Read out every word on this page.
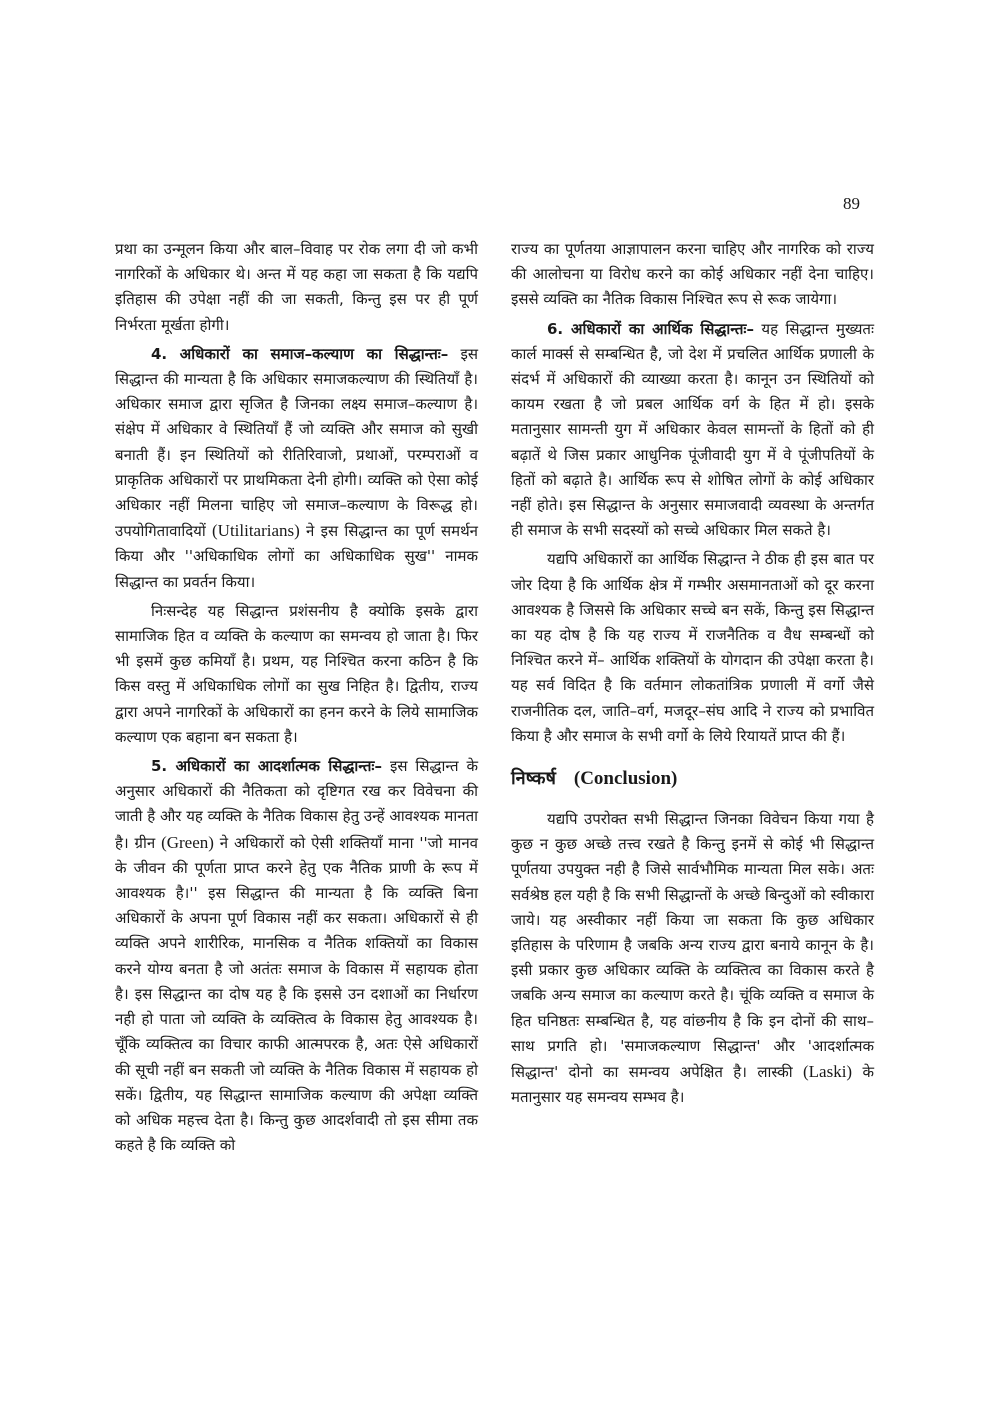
89

प्रथा का उन्मूलन किया और बाल–विवाह पर रोक लगा दी जो कभी नागरिकों के अधिकार थे। अन्त में यह कहा जा सकता है कि यद्यपि इतिहास की उपेक्षा नहीं की जा सकती, किन्तु इस पर ही पूर्ण निर्भरता मूर्खता होगी।

4. अधिकारों का समाज–कल्याण का सिद्धान्तः– इस सिद्धान्त की मान्यता है कि अधिकार समाजकल्याण की स्थितियाँ है। अधिकार समाज द्वारा सृजित है जिनका लक्ष्य समाज–कल्याण है। संक्षेप में अधिकार वे स्थितियाँ हैं जो व्यक्ति और समाज को सुखी बनाती हैं। इन स्थितियों को रीतिरिवाजो, प्रथाओं, परम्पराओं व प्राकृतिक अधिकारों पर प्राथमिकता देनी होगी। व्यक्ति को ऐसा कोई अधिकार नहीं मिलना चाहिए जो समाज–कल्याण के विरूद्ध हो। उपयोगितावादियों (Utilitarians) ने इस सिद्धान्त का पूर्ण समर्थन किया और ''अधिकाधिक लोगों का अधिकाधिक सुख'' नामक सिद्धान्त का प्रवर्तन किया।

निःसन्देह यह सिद्धान्त प्रशंसनीय है क्योकि इसके द्वारा सामाजिक हित व व्यक्ति के कल्याण का समन्वय हो जाता है। फिर भी इसमें कुछ कमियाँ है। प्रथम, यह निश्चित करना कठिन है कि किस वस्तु में अधिकाधिक लोगों का सुख निहित है। द्वितीय, राज्य द्वारा अपने नागरिकों के अधिकारों का हनन करने के लिये सामाजिक कल्याण एक बहाना बन सकता है।

5. अधिकारों का आदर्शात्मक सिद्धान्तः– इस सिद्धान्त के अनुसार अधिकारों की नैतिकता को दृष्टिगत रख कर विवेचना की जाती है और यह व्यक्ति के नैतिक विकास हेतु उन्हें आवश्यक मानता है। ग्रीन (Green) ने अधिकारों को ऐसी शक्तियाँ माना ''जो मानव के जीवन की पूर्णता प्राप्त करने हेतु एक नैतिक प्राणी के रूप में आवश्यक है।'' इस सिद्धान्त की मान्यता है कि व्यक्ति बिना अधिकारों के अपना पूर्ण विकास नहीं कर सकता। अधिकारों से ही व्यक्ति अपने शारीरिक, मानसिक व नैतिक शक्तियों का विकास करने योग्य बनता है जो अतंतः समाज के विकास में सहायक होता है। इस सिद्धान्त का दोष यह है कि इससे उन दशाओं का निर्धारण नही हो पाता जो व्यक्ति के व्यक्तित्व के विकास हेतु आवश्यक है। चूँकि व्यक्तित्व का विचार काफी आत्मपरक है, अतः ऐसे अधिकारों की सूची नहीं बन सकती जो व्यक्ति के नैतिक विकास में सहायक हो सकें। द्वितीय, यह सिद्धान्त सामाजिक कल्याण की अपेक्षा व्यक्ति को अधिक महत्त्व देता है। किन्तु कुछ आदर्शवादी तो इस सीमा तक कहते है कि व्यक्ति को

राज्य का पूर्णतया आज्ञापालन करना चाहिए और नागरिक को राज्य की आलोचना या विरोध करने का कोई अधिकार नहीं देना चाहिए। इससे व्यक्ति का नैतिक विकास निश्चित रूप से रूक जायेगा।

6. अधिकारों का आर्थिक सिद्धान्तः– यह सिद्धान्त मुख्यतः कार्ल मार्क्स से सम्बन्धित है, जो देश में प्रचलित आर्थिक प्रणाली के संदर्भ में अधिकारों की व्याख्या करता है। कानून उन स्थितियों को कायम रखता है जो प्रबल आर्थिक वर्ग के हित में हो। इसके मतानुसार सामन्ती युग में अधिकार केवल सामन्तों के हितों को ही बढ़ातें थे जिस प्रकार आधुनिक पूंजीवादी युग में वे पूंजीपतियों के हितों को बढ़ाते है। आर्थिक रूप से शोषित लोगों के कोई अधिकार नहीं होते। इस सिद्धान्त के अनुसार समाजवादी व्यवस्था के अन्तर्गत ही समाज के सभी सदस्यों को सच्चे अधिकार मिल सकते है।

यद्यपि अधिकारों का आर्थिक सिद्धान्त ने ठीक ही इस बात पर जोर दिया है कि आर्थिक क्षेत्र में गम्भीर असमानताओं को दूर करना आवश्यक है जिससे कि अधिकार सच्चे बन सकें, किन्तु इस सिद्धान्त का यह दोष है कि यह राज्य में राजनैतिक व वैध सम्बन्धों को निश्चित करने में– आर्थिक शक्तियों के योगदान की उपेक्षा करता है। यह सर्व विदित है कि वर्तमान लोकतांत्रिक प्रणाली में वर्गो जैसे राजनीतिक दल, जाति–वर्ग, मजदूर–संघ आदि ने राज्य को प्रभावित किया है और समाज के सभी वर्गो के लिये रियायतें प्राप्त की हैं।

निष्कर्ष (Conclusion)

यद्यपि उपरोक्त सभी सिद्धान्त जिनका विवेचन किया गया है कुछ न कुछ अच्छे तत्त्व रखते है किन्तु इनमें से कोई भी सिद्धान्त पूर्णतया उपयुक्त नही है जिसे सार्वभौमिक मान्यता मिल सके। अतः सर्वश्रेष्ठ हल यही है कि सभी सिद्धान्तों के अच्छे बिन्दुओं को स्वीकारा जाये। यह अस्वीकार नहीं किया जा सकता कि कुछ अधिकार इतिहास के परिणाम है जबकि अन्य राज्य द्वारा बनाये कानून के है। इसी प्रकार कुछ अधिकार व्यक्ति के व्यक्तित्व का विकास करते है जबकि अन्य समाज का कल्याण करते है। चूंकि व्यक्ति व समाज के हित घनिष्ठतः सम्बन्धित है, यह वांछनीय है कि इन दोनों की साथ–साथ प्रगति हो। 'समाजकल्याण सिद्धान्त' और 'आदर्शात्मक सिद्धान्त' दोनो का समन्वय अपेक्षित है। लास्की (Laski) के मतानुसार यह समन्वय सम्भव है।
